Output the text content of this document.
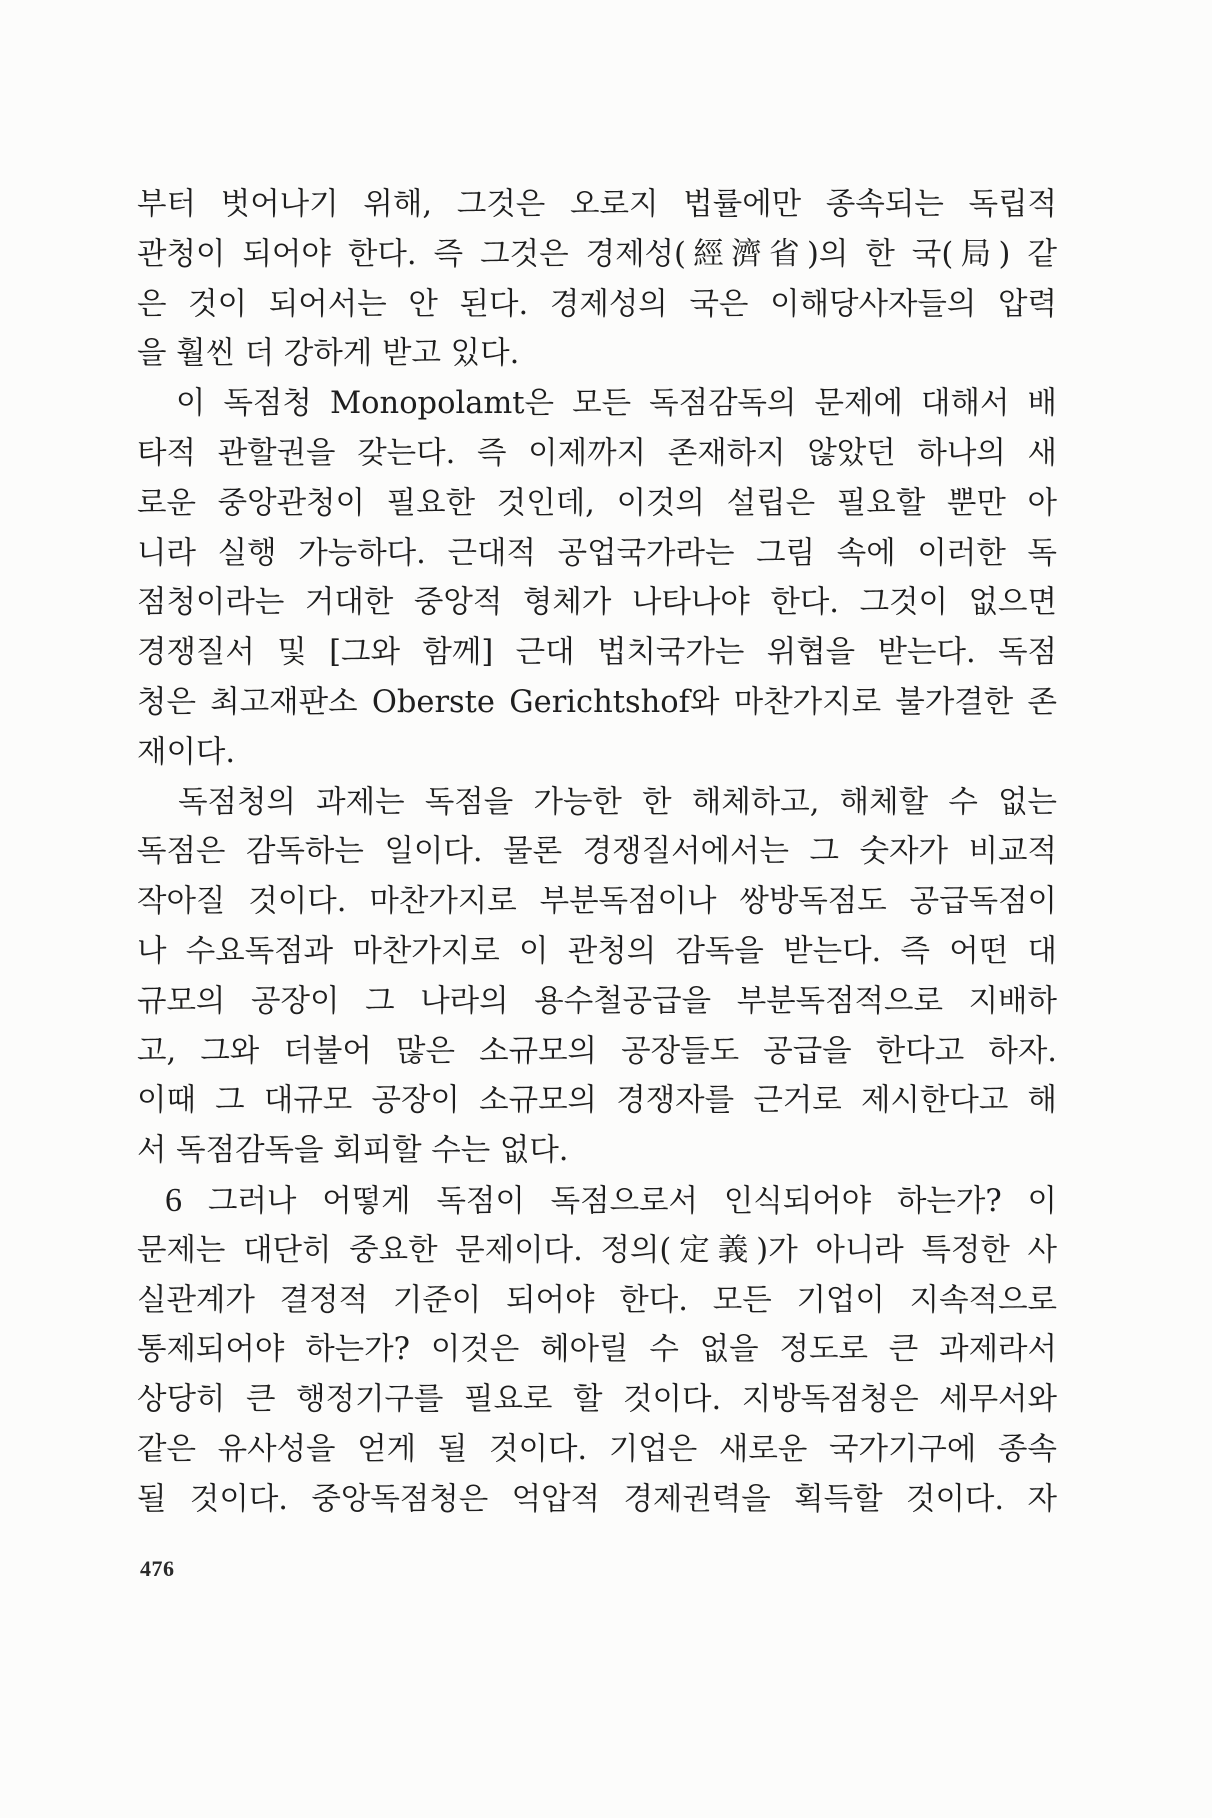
부터 벗어나기 위해, 그것은 오로지 법률에만 종속되는 독립적
관청이 되어야 한다. 즉 그것은 경제성(經濟省)의 한 국(局) 같
은 것이 되어서는 안 된다. 경제성의 국은 이해당사자들의 압력
을 훨씬 더 강하게 받고 있다.
　이 독점청 Monopolamt은 모든 독점감독의 문제에 대해서 배
타적 관할권을 갖는다. 즉 이제까지 존재하지 않았던 하나의 새
로운 중앙관청이 필요한 것인데, 이것의 설립은 필요할 뿐만 아
니라 실행 가능하다. 근대적 공업국가라는 그림 속에 이러한 독
점청이라는 거대한 중앙적 형체가 나타나야 한다. 그것이 없으면
경쟁질서 및 [그와 함께] 근대 법치국가는 위협을 받는다. 독점
청은 최고재판소 Oberste Gerichtshof와 마찬가지로 불가결한 존
재이다.
　독점청의 과제는 독점을 가능한 한 해체하고, 해체할 수 없는
독점은 감독하는 일이다. 물론 경쟁질서에서는 그 숫자가 비교적
작아질 것이다. 마찬가지로 부분독점이나 쌍방독점도 공급독점이
나 수요독점과 마찬가지로 이 관청의 감독을 받는다. 즉 어떤 대
규모의 공장이 그 나라의 용수철공급을 부분독점적으로 지배하
고, 그와 더불어 많은 소규모의 공장들도 공급을 한다고 하자.
이때 그 대규모 공장이 소규모의 경쟁자를 근거로 제시한다고 해
서 독점감독을 회피할 수는 없다.
6 그러나 어떻게 독점이 독점으로서 인식되어야 하는가? 이
문제는 대단히 중요한 문제이다. 정의(定義)가 아니라 특정한 사
실관계가 결정적 기준이 되어야 한다. 모든 기업이 지속적으로
통제되어야 하는가? 이것은 헤아릴 수 없을 정도로 큰 과제라서
상당히 큰 행정기구를 필요로 할 것이다. 지방독점청은 세무서와
같은 유사성을 얻게 될 것이다. 기업은 새로운 국가기구에 종속
될 것이다. 중앙독점청은 억압적 경제권력을 획득할 것이다. 자
476
